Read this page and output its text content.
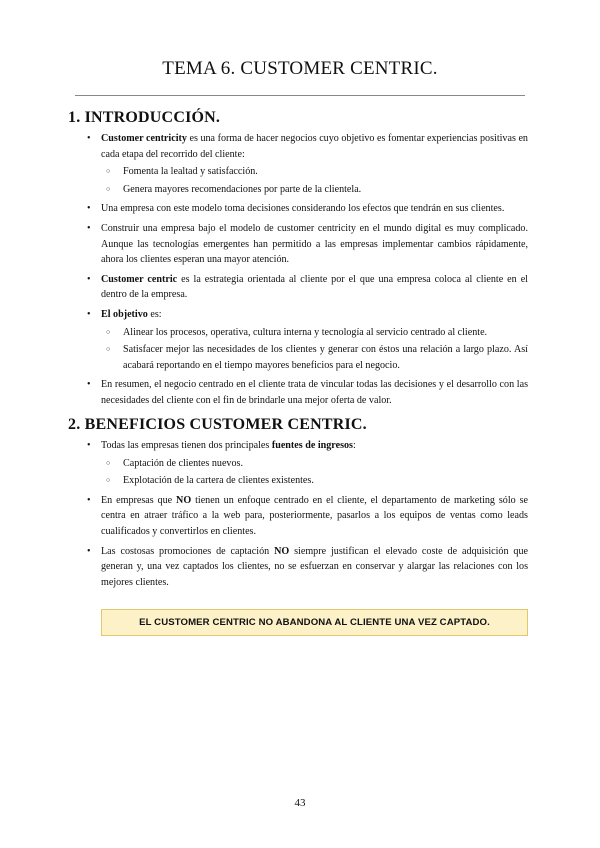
TEMA 6. CUSTOMER CENTRIC.
1. INTRODUCCIÓN.
• Customer centricity es una forma de hacer negocios cuyo objetivo es fomentar experiencias positivas en cada etapa del recorrido del cliente:
○ Fomenta la lealtad y satisfacción.
○ Genera mayores recomendaciones por parte de la clientela.
• Una empresa con este modelo toma decisiones considerando los efectos que tendrán en sus clientes.
• Construir una empresa bajo el modelo de customer centricity en el mundo digital es muy complicado. Aunque las tecnologías emergentes han permitido a las empresas implementar cambios rápidamente, ahora los clientes esperan una mayor atención.
• Customer centric es la estrategia orientada al cliente por el que una empresa coloca al cliente en el dentro de la empresa.
• El objetivo es:
○ Alinear los procesos, operativa, cultura interna y tecnología al servicio centrado al cliente.
○ Satisfacer mejor las necesidades de los clientes y generar con éstos una relación a largo plazo. Así acabará reportando en el tiempo mayores beneficios para el negocio.
• En resumen, el negocio centrado en el cliente trata de vincular todas las decisiones y el desarrollo con las necesidades del cliente con el fin de brindarle una mejor oferta de valor.
2. BENEFICIOS CUSTOMER CENTRIC.
• Todas las empresas tienen dos principales fuentes de ingresos:
○ Captación de clientes nuevos.
○ Explotación de la cartera de clientes existentes.
• En empresas que NO tienen un enfoque centrado en el cliente, el departamento de marketing sólo se centra en atraer tráfico a la web para, posteriormente, pasarlos a los equipos de ventas como leads cualificados y convertirlos en clientes.
• Las costosas promociones de captación NO siempre justifican el elevado coste de adquisición que generan y, una vez captados los clientes, no se esfuerzan en conservar y alargar las relaciones con los mejores clientes.
EL CUSTOMER CENTRIC NO ABANDONA AL CLIENTE UNA VEZ CAPTADO.
43
